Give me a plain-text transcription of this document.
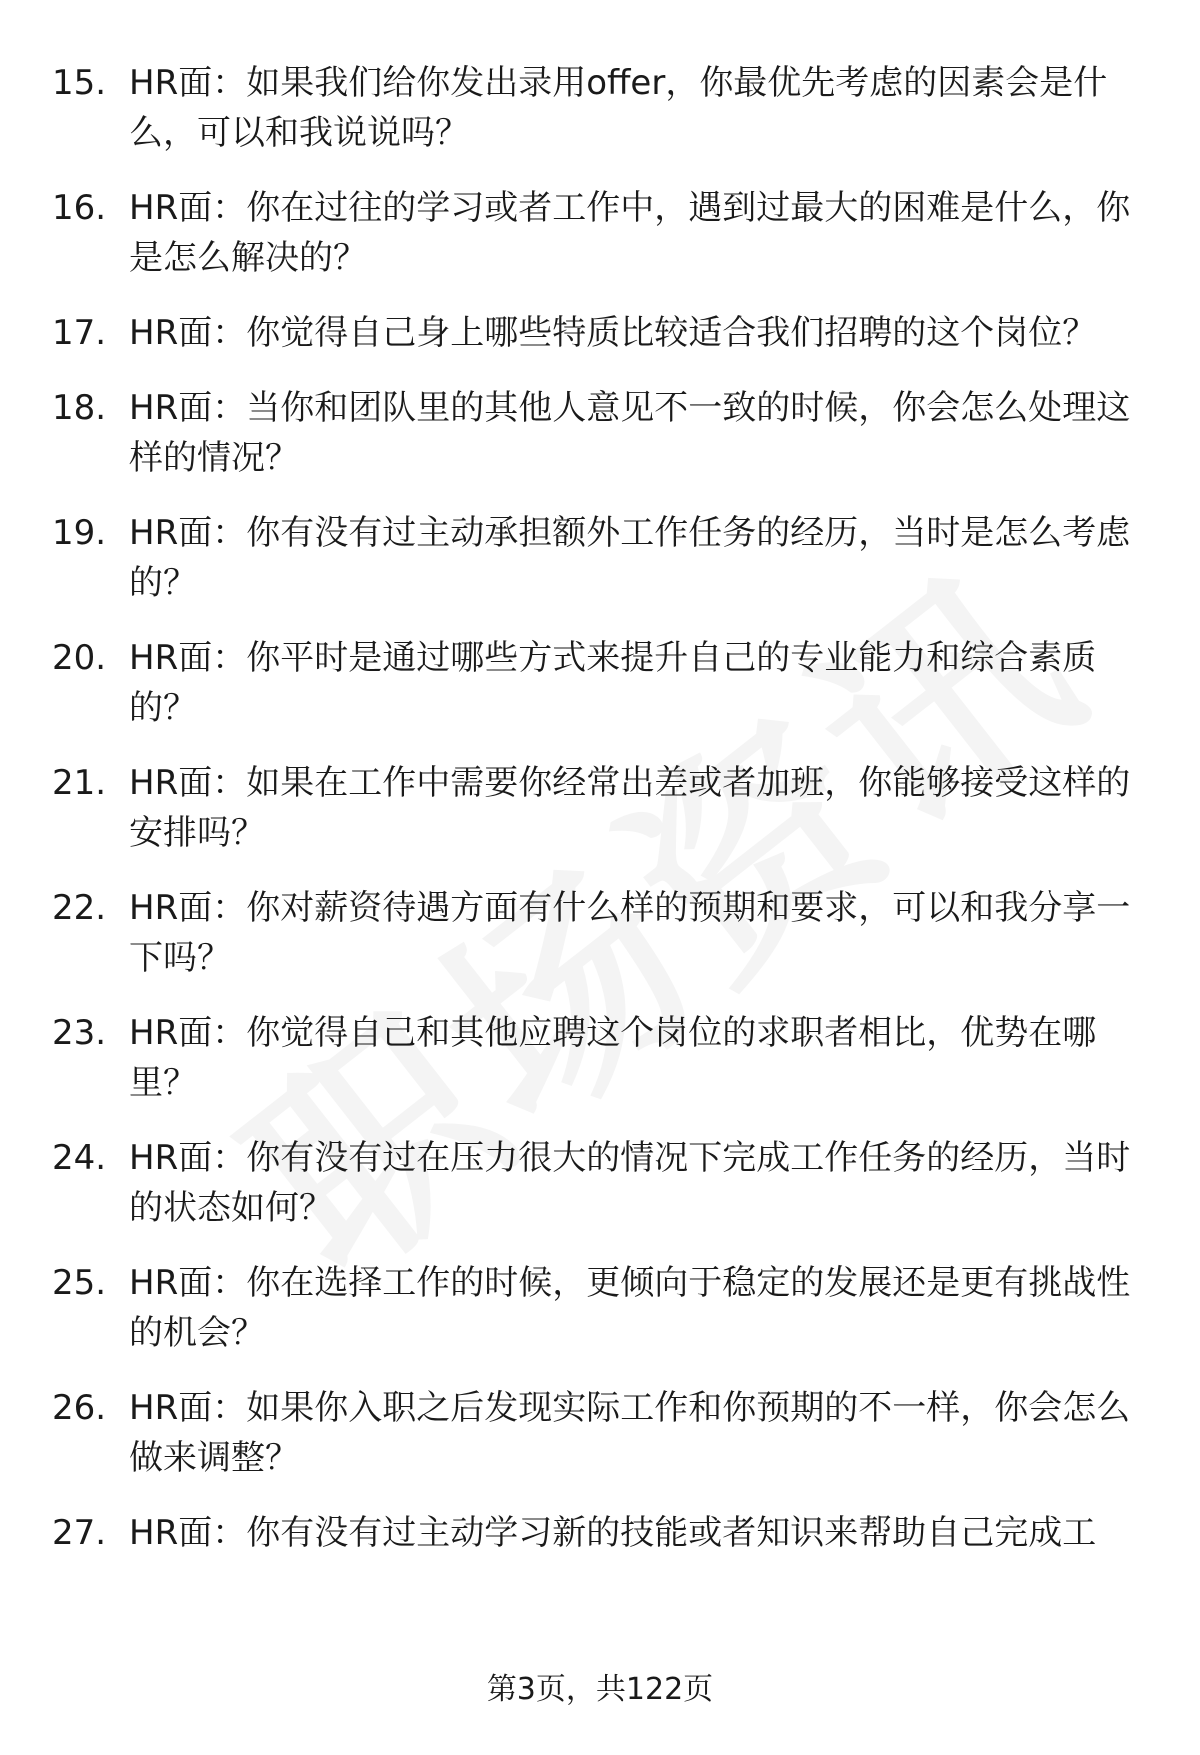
15. HR面：如果我们给你发出录用offer，你最优先考虑的因素会是什么，可以和我说说吗？
16. HR面：你在过往的学习或者工作中，遇到过最大的困难是什么，你是怎么解决的？
17. HR面：你觉得自己身上哪些特质比较适合我们招聘的这个岗位？
18. HR面：当你和团队里的其他人意见不一致的时候，你会怎么处理这样的情况？
19. HR面：你有没有过主动承担额外工作任务的经历，当时是怎么考虑的？
20. HR面：你平时是通过哪些方式来提升自己的专业能力和综合素质的？
21. HR面：如果在工作中需要你经常出差或者加班，你能够接受这样的安排吗？
22. HR面：你对薪资待遇方面有什么样的预期和要求，可以和我分享一下吗？
23. HR面：你觉得自己和其他应聘这个岗位的求职者相比，优势在哪里？
24. HR面：你有没有过在压力很大的情况下完成工作任务的经历，当时的状态如何？
25. HR面：你在选择工作的时候，更倾向于稳定的发展还是更有挑战性的机会？
26. HR面：如果你入职之后发现实际工作和你预期的不一样，你会怎么做来调整？
27. HR面：你有没有过主动学习新的技能或者知识来帮助自己完成工
第3页，共122页
